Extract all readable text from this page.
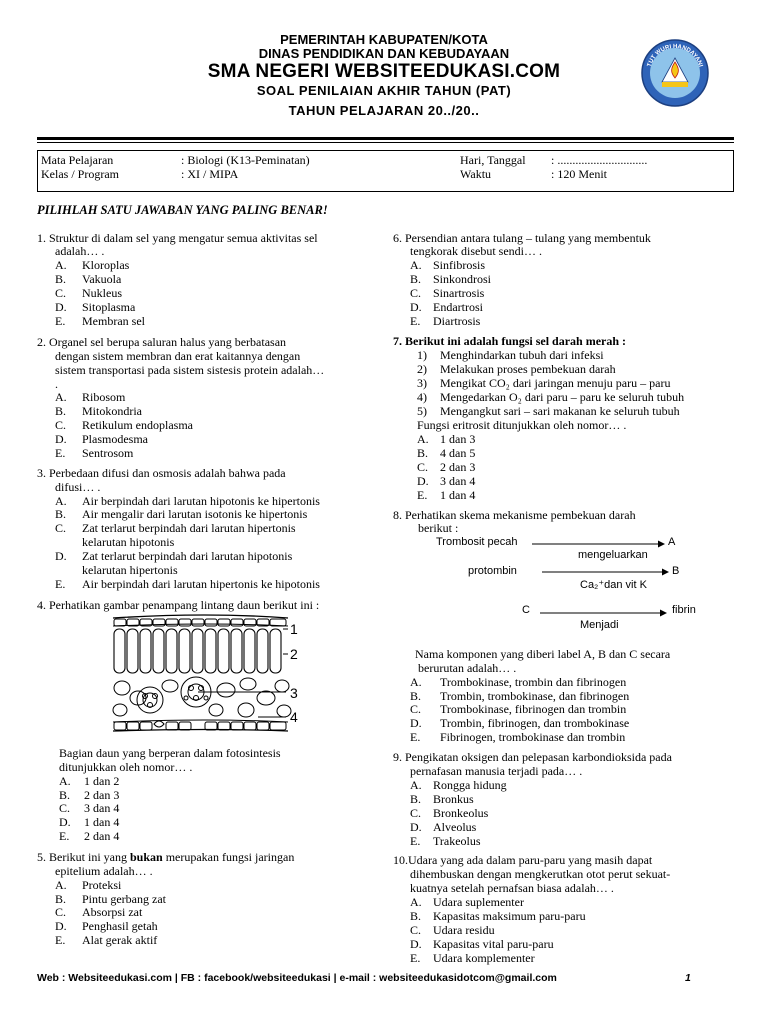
PEMERINTAH KABUPATEN/KOTA
DINAS PENDIDIKAN DAN KEBUDAYAAN
SMA NEGERI WEBSITEEDUKASI.COM
SOAL PENILAIAN AKHIR TAHUN (PAT)
TAHUN PELAJARAN 20../20..
TUT WURI HANDAYANI
Mata Pelajaran	: Biologi (K13-Peminatan)
Kelas / Program	: XI / MIPA
Hari, Tanggal : ..............................
Waktu	: 120 Menit
PILIHLAH SATU JAWABAN YANG PALING BENAR!
1. Struktur di dalam sel yang mengatur semua aktivitas sel
adalah… .
A. Kloroplas
B. Vakuola
C. Nukleus
D. Sitoplasma
E. Membran sel
2. Organel sel berupa saluran halus yang berbatasan
dengan sistem membran dan erat kaitannya dengan
sistem transportasi pada sistem sistesis protein adalah…
.
A. Ribosom
B. Mitokondria
C. Retikulum endoplasma
D. Plasmodesma
E. Sentrosom
3. Perbedaan difusi dan osmosis adalah bahwa pada
difusi… .
A. Air berpindah dari larutan hipotonis ke hipertonis
B. Air mengalir dari larutan isotonis ke hipertonis
C. Zat terlarut berpindah dari larutan hipertonis
kelarutan hipotonis
D. Zat terlarut berpindah dari larutan hipotonis
kelarutan hipertonis
E. Air berpindah dari larutan hipertonis ke hipotonis
4. Perhatikan gambar penampang lintang daun berikut ini :
1
2
3
4
Bagian daun yang berperan dalam fotosintesis
ditunjukkan oleh nomor… .
A. 1 dan 2
B. 2 dan 3
C. 3 dan 4
D. 1 dan 4
E. 2 dan 4
5. Berikut ini yang bukan merupakan fungsi jaringan
epitelium adalah… .
A. Proteksi
B. Pintu gerbang zat
C. Absorpsi zat
D. Penghasil getah
E. Alat gerak aktif
6. Persendian antara tulang – tulang yang membentuk
tengkorak disebut sendi… .
A. Sinfibrosis
B. Sinkondrosi
C. Sinartrosis
D. Endartrosi
E. Diartrosis
7. Berikut ini adalah fungsi sel darah merah :
1) Menghindarkan tubuh dari infeksi
2) Melakukan proses pembekuan darah
3) Mengikat CO₂ dari jaringan menuju paru – paru
4) Mengedarkan O₂ dari paru – paru ke seluruh tubuh
5) Mengangkut sari – sari makanan ke seluruh tubuh
Fungsi eritrosit ditunjukkan oleh nomor… .
A. 1 dan 3
B. 4 dan 5
C. 2 dan 3
D. 3 dan 4
E. 1 dan 4
8. Perhatikan skema mekanisme pembekuan darah
berikut :
Trombosit pecah	A
mengeluarkan
protombin	B
Ca₂⁺dan vit K
C	fibrin
Menjadi
Nama komponen yang diberi label A, B dan C secara
berurutan adalah… .
A. Trombokinase, trombin dan fibrinogen
B. Trombin, trombokinase, dan fibrinogen
C. Trombokinase, fibrinogen dan trombin
D. Trombin, fibrinogen, dan trombokinase
E. Fibrinogen, trombokinase dan trombin
9. Pengikatan oksigen dan pelepasan karbondioksida pada
pernafasan manusia terjadi pada… .
A. Rongga hidung
B. Bronkus
C. Bronkeolus
D. Alveolus
E. Trakeolus
10.Udara yang ada dalam paru-paru yang masih dapat
dihembuskan dengan mengkerutkan otot perut sekuat-
kuatnya setelah pernafsan biasa adalah… .
A. Udara suplementer
B. Kapasitas maksimum paru-paru
C. Udara residu
D. Kapasitas vital paru-paru
E. Udara komplementer
Web : Websiteedukasi.com | FB : facebook/websiteedukasi | e-mail : websiteedukasidotcom@gmail.com	1
